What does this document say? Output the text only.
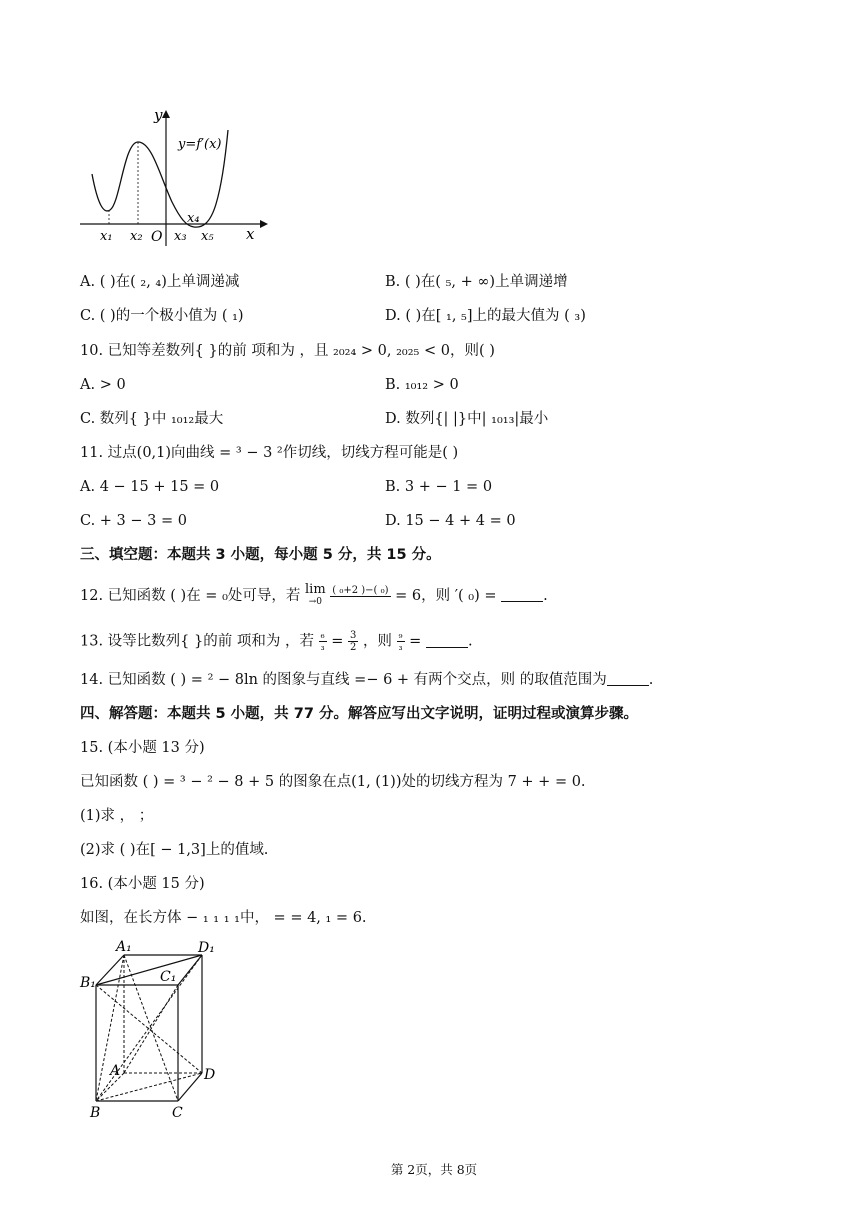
y
x
O
y=f′(x)
x₁ x₂ x₃
x₄
x₅
A. ( )在( ₂, ₄)上单调递减	B. ( )在( ₅, + ∞)上单调递增
C. ( )的一个极小值为 ( ₁)	D. ( )在[ ₁, ₅]上的最大值为 ( ₃)
10. 已知等差数列{ }的前 项和为 ，且 ₂₀₂₄ > 0, ₂₀₂₅ < 0，则( )
A. > 0	B. ₁₀₁₂ > 0
C. 数列{ }中 ₁₀₁₂最大	D. 数列{| |}中| ₁₀₁₃|最小
11. 过点(0,1)向曲线 = ³ − 3 ²作切线，切线方程可能是( )
A. 4 − 15 + 15 = 0	B. 3 + − 1 = 0
C. + 3 − 3 = 0	D. 15 − 4 + 4 = 0
三、填空题：本题共 3 小题，每小题 5 分，共 15 分。
12. 已知函数 ( )在 = ₀处可导，若 lim
→0

( ₀+2 )−( ₀) = 6，则 ′( ₀) =	.
13. 设等比数列{ }的前 项和为 ，若 $\frac{\text{₆}}{\text{₃}} = \frac{3}{2}$ ，则 $\frac{\text{₉}}{\text{₃}}$ =	.
14. 已知函数 ( ) = ² − 8ln 的图象与直线 =− 6 + 有两个交点，则 的取值范围为	.
四、解答题：本题共 5 小题，共 77 分。解答应写出文字说明，证明过程或演算步骤。
15. (本小题 13 分)
已知函数 ( ) = ³ − ² − 8 + 5 的图象在点(1, (1))处的切线方程为 7 + + = 0.
(1)求 ， ；
(2)求 ( )在[ − 1,3]上的值域.
16. (本小题 15 分)
如图，在长方体 − ₁ ₁ ₁ ₁中， = = 4, ₁ = 6.
A₁	D₁
B₁	C₁
A	D
B	C
第 2页，共 8页
